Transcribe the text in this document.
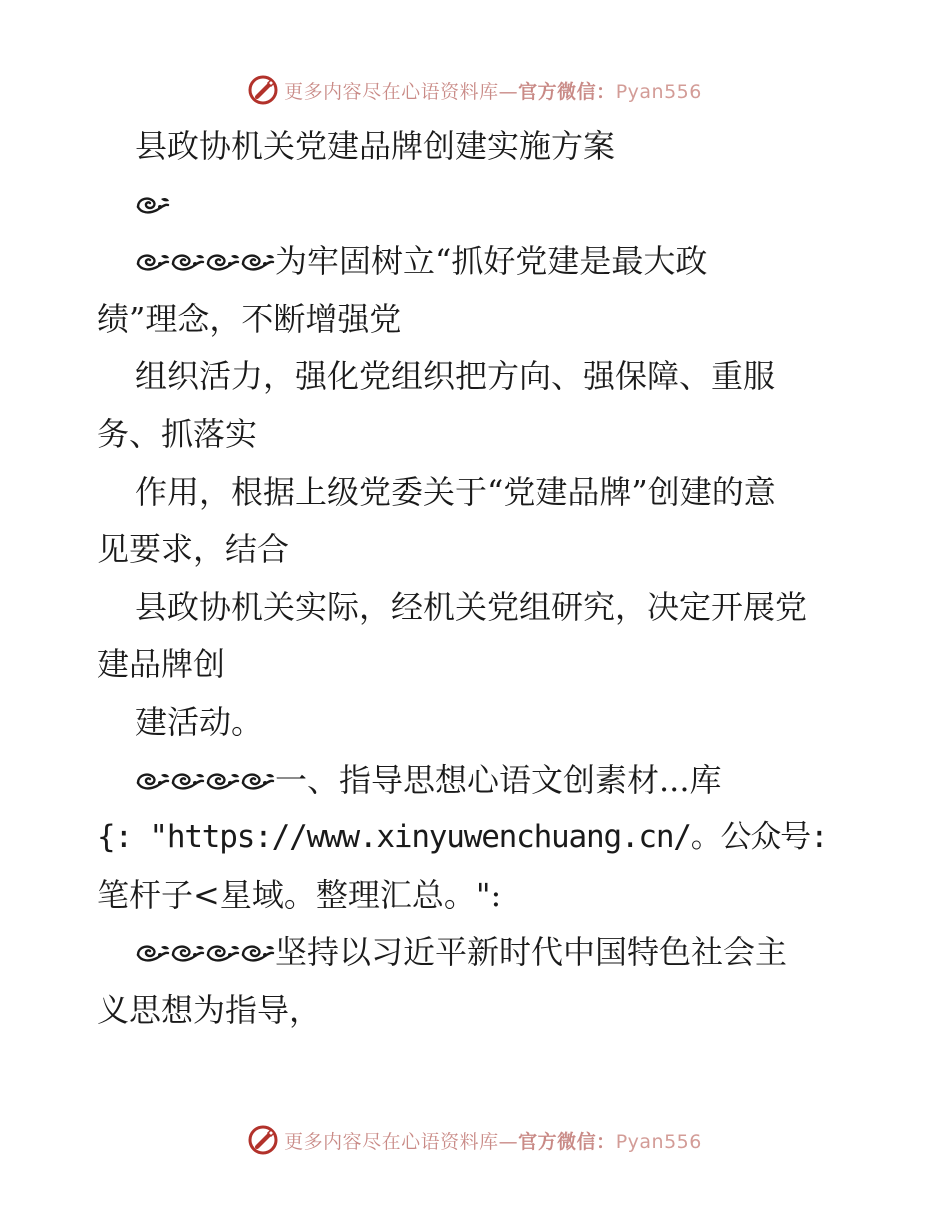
更多内容尽在心语资料库—官方微信：Pyan556
县政协机关党建品牌创建实施方案
为牢固树立“抓好党建是最大政
绩”理念，不断增强党
组织活力，强化党组织把方向、强保障、重服
务、抓落实
作用，根据上级党委关于“党建品牌”创建的意
见要求，结合
县政协机关实际，经机关党组研究，决定开展党
建品牌创
建活动。
一、指导思想心语文创素材...库
{: "https://www.xinyuwenchuang.cn/。公众号:
笔杆子<星域。整理汇总。":
坚持以习近平新时代中国特色社会主
义思想为指导，
更多内容尽在心语资料库—官方微信：Pyan556
